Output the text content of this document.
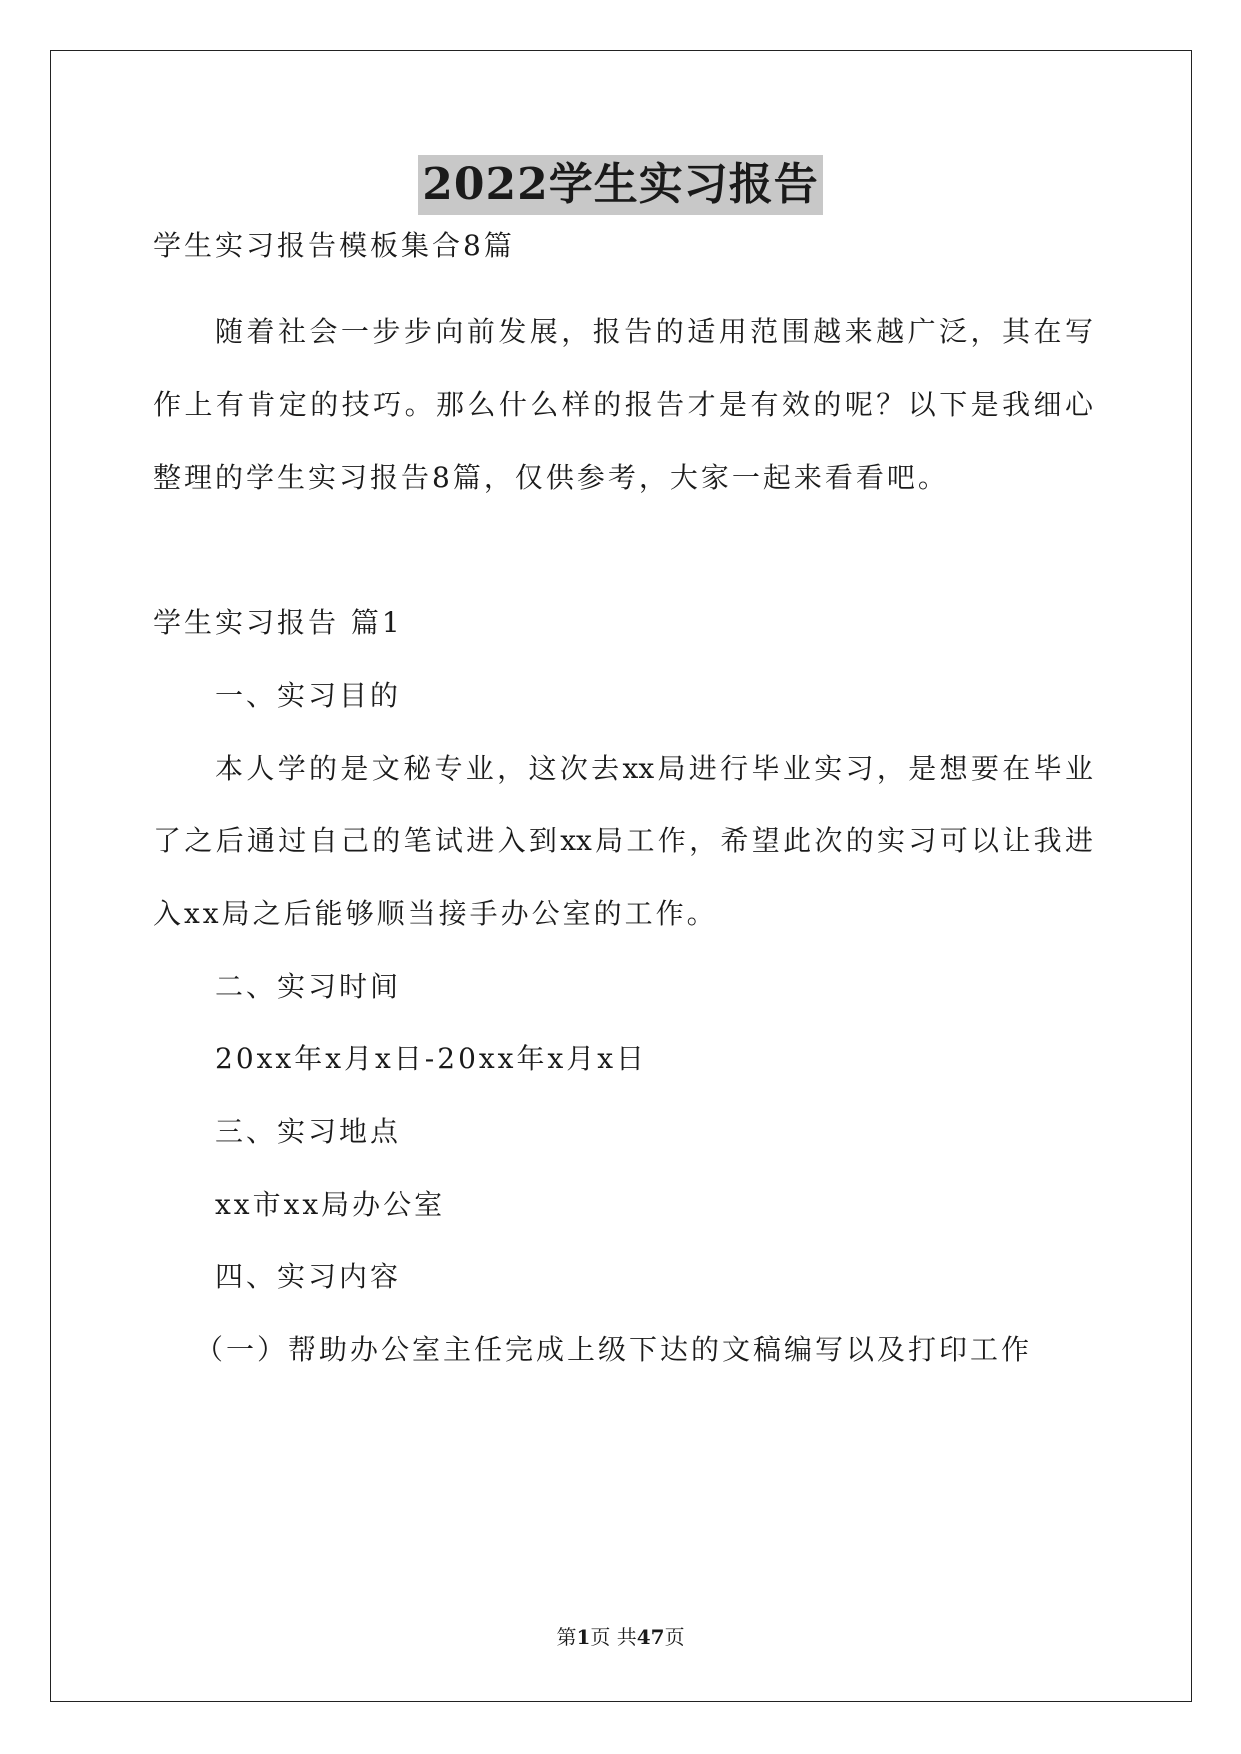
2022学生实习报告
学生实习报告模板集合8篇
随着社会一步步向前发展，报告的适用范围越来越广泛，其在写
作上有肯定的技巧。那么什么样的报告才是有效的呢？以下是我细心
整理的学生实习报告8篇，仅供参考，大家一起来看看吧。
学生实习报告 篇1
一、实习目的
本人学的是文秘专业，这次去xx局进行毕业实习，是想要在毕业
了之后通过自己的笔试进入到xx局工作，希望此次的实习可以让我进
入xx局之后能够顺当接手办公室的工作。
二、实习时间
20xx年x月x日-20xx年x月x日
三、实习地点
xx市xx局办公室
四、实习内容
（一）帮助办公室主任完成上级下达的文稿编写以及打印工作
第1页 共47页
